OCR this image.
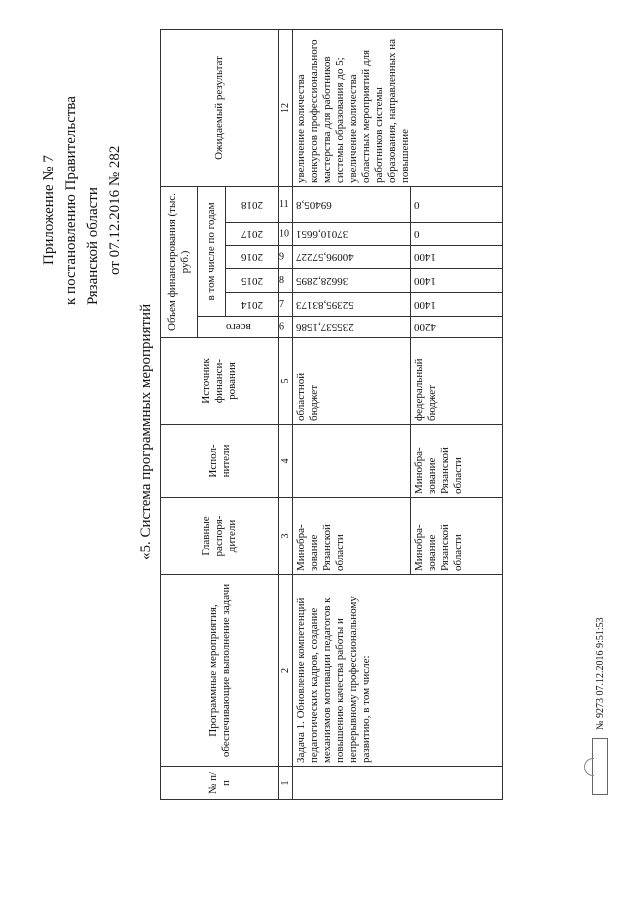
Приложение № 7 к постановлению Правительства Рязанской области от 07.12.2016 № 282
«5. Система программных мероприятий
№ п/п	Программные мероприятия, обеспечивающие выполнение задачи	Главные распоря-дители	Испол-нители	Источник финанси-рования	Объем финансирования (тыс. руб.)						Ожидаемый результат

					всего	в том числе по годам					

						2014	2015	2016	2017	2018	

1	2	3	4	5	6	7	8	9	10	11	12
	Задача 1. Обновление компетенций педагогических кадров, создание механизмов мотивации педагогов к повышению качества работы и непрерывному профессиональному развитию, в том числе:	Минобра-зование Рязанской области		областной бюджет	235537,1586	52395,83173	36628,2895	40096,57227	37010,6651	69405,8	увеличение количества конкурсов профессионального мастерства для работников системы образования до 5; увеличение количества областных мероприятий для работников системы образования, направленных на повышение
		Минобра-зование Рязанской области	Минобра-зование Рязанской области	федеральный бюджет	4200	1400	1400	1400	0	0	
№ 9273 07.12.2016 9:51:53
